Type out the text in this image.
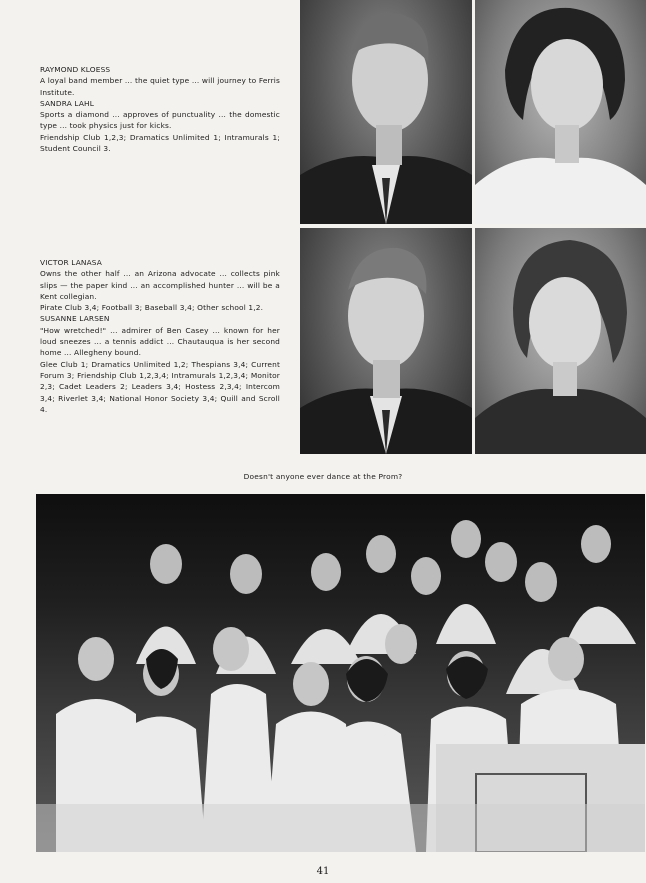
RAYMOND KLOESS
A loyal band member ... the quiet type ... will journey to Ferris Institute.
SANDRA LAHL
Sports a diamond ... approves of punctuality ... the domestic type ... took physics just for kicks.
Friendship Club 1,2,3; Dramatics Unlimited 1; Intramurals 1; Student Council 3.
VICTOR LANASA
Owns the other half ... an Arizona advocate ... collects pink slips — the paper kind ... an accomplished hunter ... will be a Kent collegian.
Pirate Club 3,4; Football 3; Baseball 3,4; Other school 1,2.
SUSANNE LARSEN
"How wretched!" ... admirer of Ben Casey ... known for her loud sneezes ... a tennis addict ... Chautauqua is her second home ... Allegheny bound.
Glee Club 1; Dramatics Unlimited 1,2; Thespians 3,4; Current Forum 3; Friendship Club 1,2,3,4; Intramurals 1,2,3,4; Monitor 2,3; Cadet Leaders 2; Leaders 3,4; Hostess 2,3,4; Intercom 3,4; Riverlet 3,4; National Honor Society 3,4; Quill and Scroll 4.
Doesn't anyone ever dance at the Prom?
41
